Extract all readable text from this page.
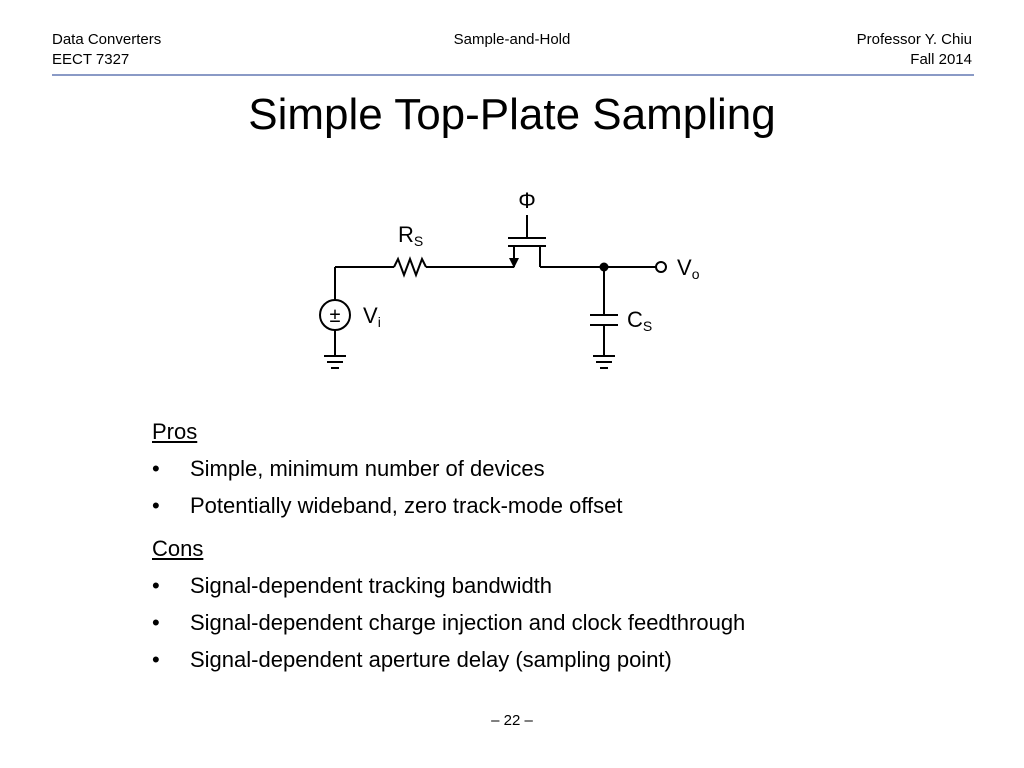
Data Converters
EECT 7327
Sample-and-Hold	Professor Y. Chiu
Fall 2014
Simple Top-Plate Sampling
Φ
±
RS
Vi
Vo
CS
Pros
• Simple, minimum number of devices
• Potentially wideband, zero track-mode offset
Cons
• Signal-dependent tracking bandwidth
• Signal-dependent charge injection and clock feedthrough
• Signal-dependent aperture delay (sampling point)
– 22 –
